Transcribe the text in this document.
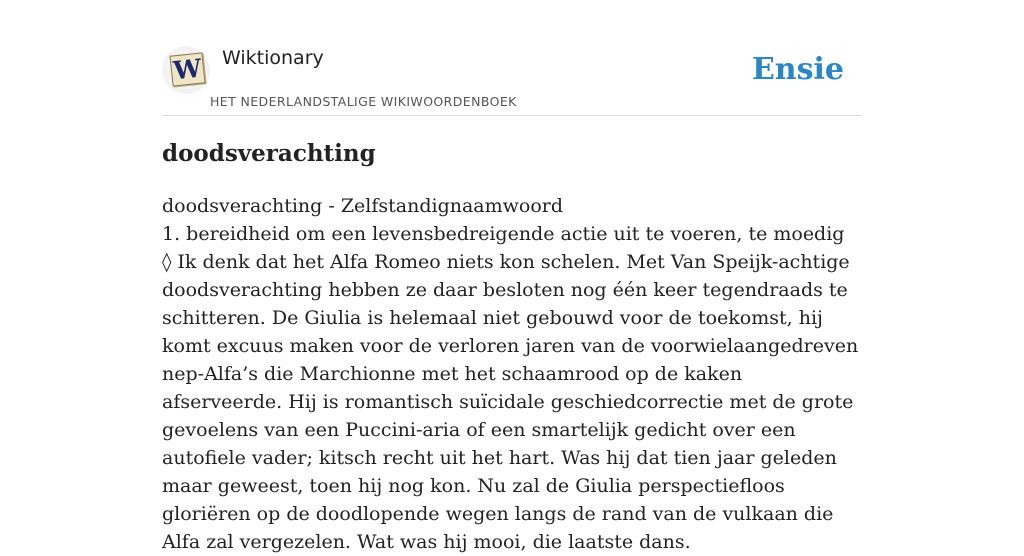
W Wiktionary
HET NEDERLANDSTALIGE WIKIWOORDENBOEK
Ensie
doodsverachting

doodsverachting - Zelfstandignaamwoord

1. bereidheid om een levensbedreigende actie uit te voeren, te moedig

◊ Ik denk dat het Alfa Romeo niets kon schelen. Met Van Speijk-achtige doodsverachting hebben ze daar besloten nog één keer tegendraads te schitteren. De Giulia is helemaal niet gebouwd voor de toekomst, hij komt excuus maken voor de verloren jaren van de voorwielaangedreven nep-Alfa’s die Marchionne met het schaamrood op de kaken afserveerde. Hij is romantisch suïcidale geschiedcorrectie met de grote gevoelens van een Puccini-aria of een smartelijk gedicht over een autofiele vader; kitsch recht uit het hart. Was hij dat tien jaar geleden maar geweest, toen hij nog kon. Nu zal de Giulia perspectiefloos gloriëren op de doodlopende wegen langs de rand van de vulkaan die Alfa zal vergezelen. Wat was hij mooi, die laatste dans.
